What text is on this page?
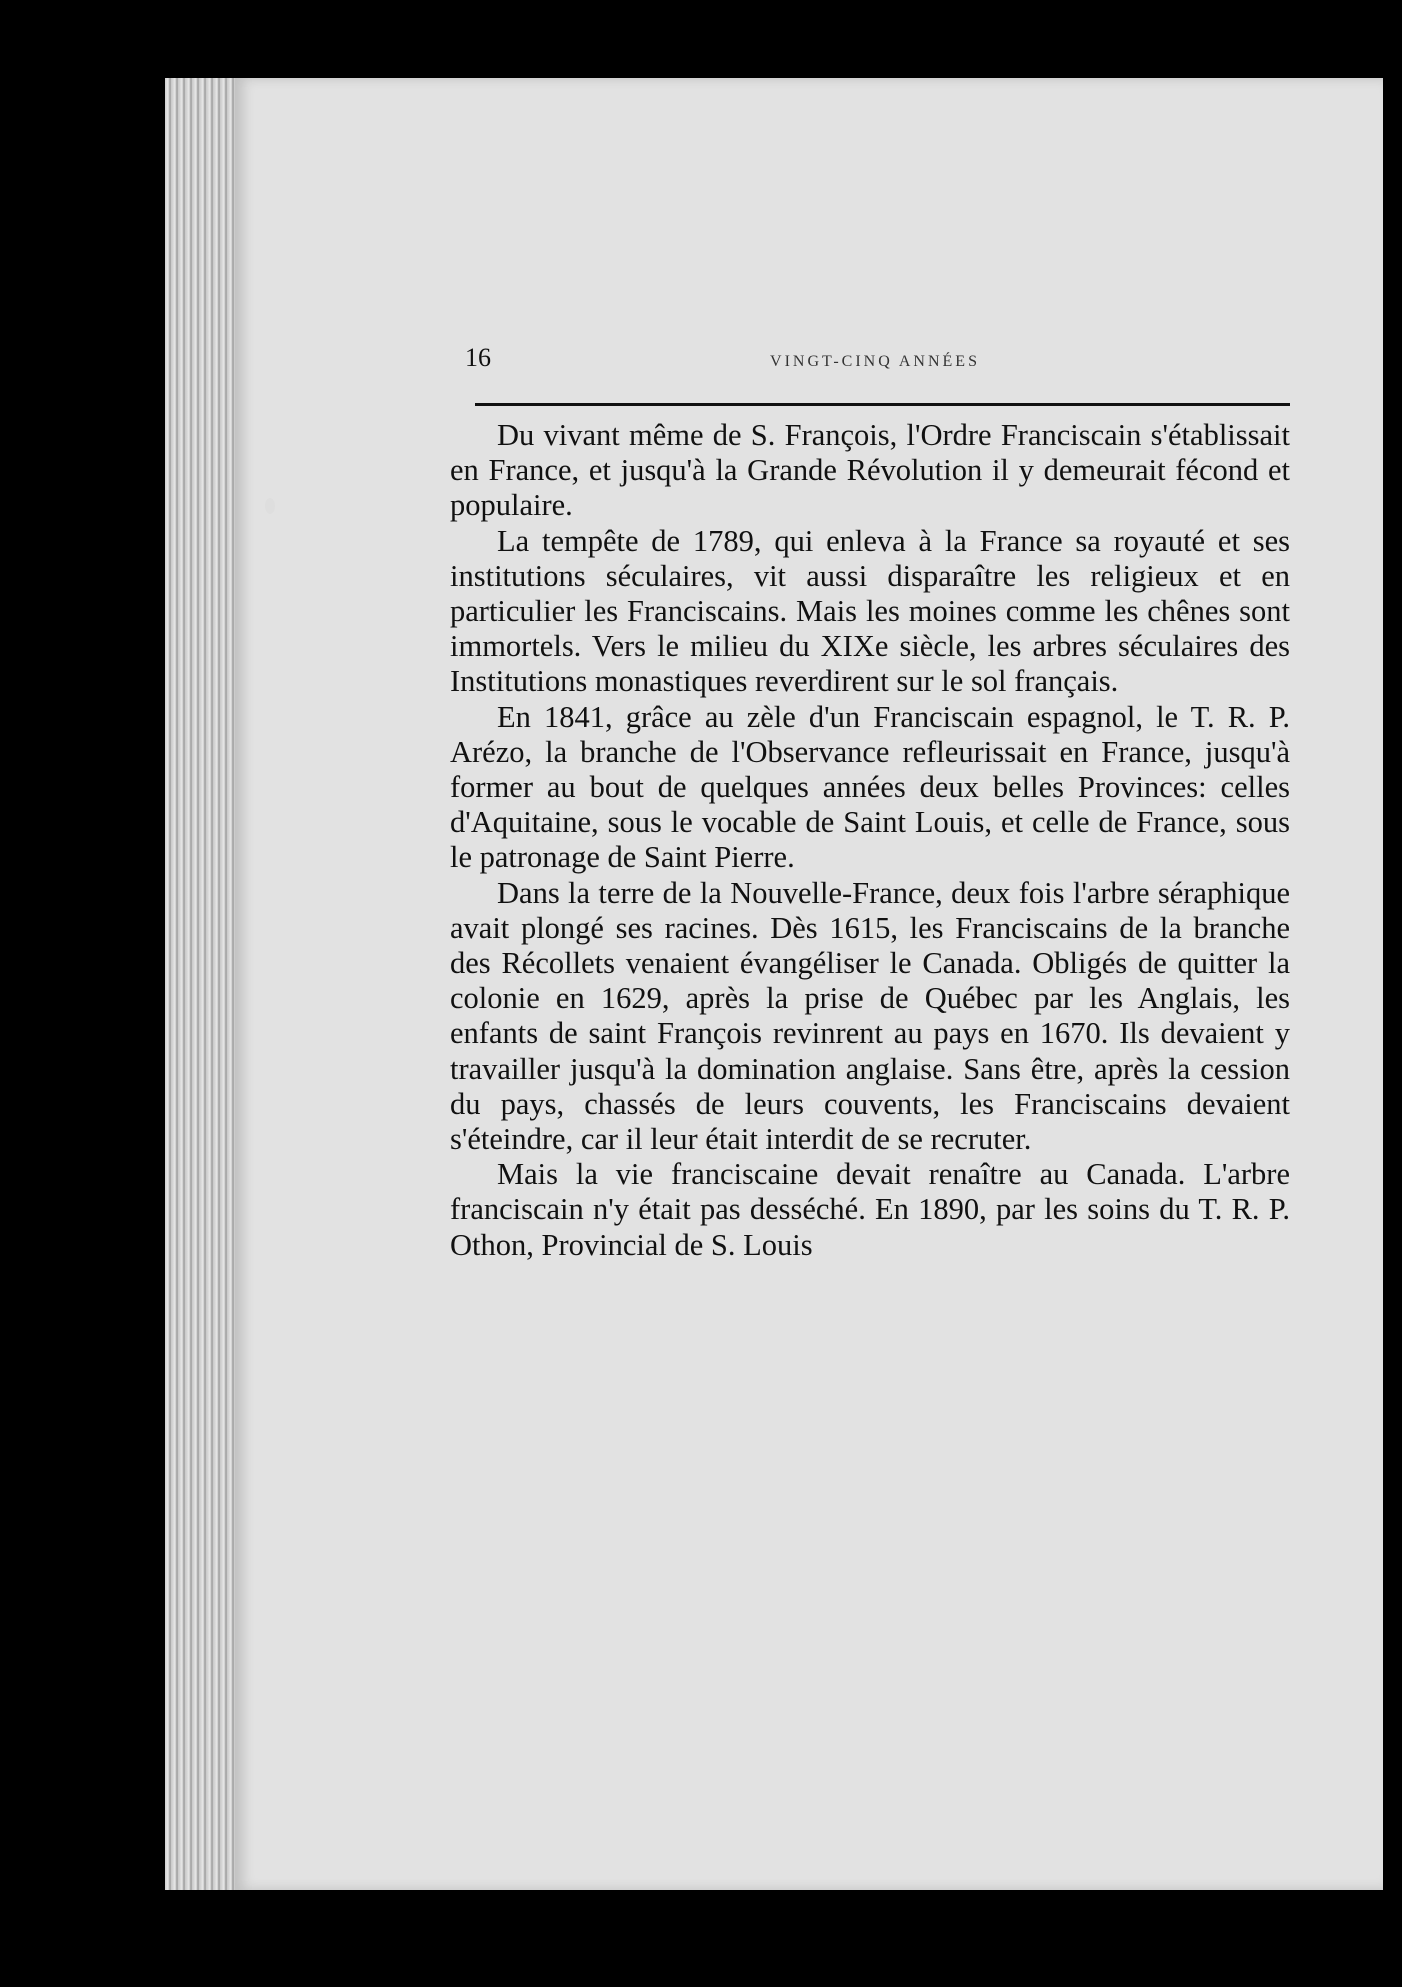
16	VINGT-CINQ ANNÉES

Du vivant même de S. François, l'Ordre Franciscain s'établissait en France, et jusqu'à la Grande Révolution il y demeurait fécond et populaire.

La tempête de 1789, qui enleva à la France sa royauté et ses institutions séculaires, vit aussi disparaître les religieux et en particulier les Franciscains. Mais les moines comme les chênes sont immortels. Vers le milieu du XIXe siècle, les arbres séculaires des Institutions monastiques reverdirent sur le sol français.

En 1841, grâce au zèle d'un Franciscain espagnol, le T. R. P. Arézo, la branche de l'Observance refleurissait en France, jusqu'à former au bout de quelques années deux belles Provinces: celles d'Aquitaine, sous le vocable de Saint Louis, et celle de France, sous le patronage de Saint Pierre.

Dans la terre de la Nouvelle-France, deux fois l'arbre séraphique avait plongé ses racines. Dès 1615, les Franciscains de la branche des Récollets venaient évangéliser le Canada. Obligés de quitter la colonie en 1629, après la prise de Québec par les Anglais, les enfants de saint François revinrent au pays en 1670. Ils devaient y travailler jusqu'à la domination anglaise. Sans être, après la cession du pays, chassés de leurs couvents, les Franciscains devaient s'éteindre, car il leur était interdit de se recruter.

Mais la vie franciscaine devait renaître au Canada. L'arbre franciscain n'y était pas desséché. En 1890, par les soins du T. R. P. Othon, Provincial de S. Louis
